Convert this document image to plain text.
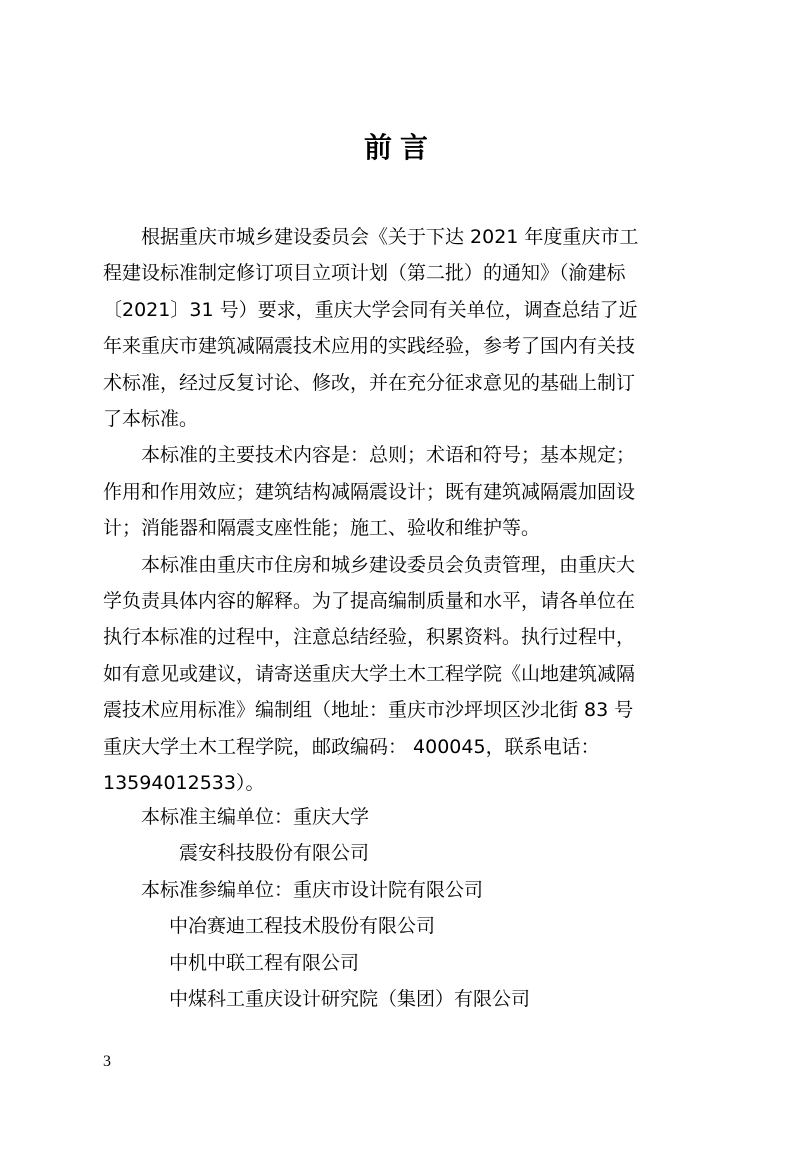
前言
根据重庆市城乡建设委员会《关于下达 2021 年度重庆市工
程建设标准制定修订项目立项计划（第二批）的通知》（渝建标
〔2021〕31 号）要求，重庆大学会同有关单位，调查总结了近
年来重庆市建筑减隔震技术应用的实践经验，参考了国内有关技
术标准，经过反复讨论、修改，并在充分征求意见的基础上制订
了本标准。
本标准的主要技术内容是：总则；术语和符号；基本规定；
作用和作用效应；建筑结构减隔震设计；既有建筑减隔震加固设
计；消能器和隔震支座性能；施工、验收和维护等。
本标准由重庆市住房和城乡建设委员会负责管理，由重庆大
学负责具体内容的解释。为了提高编制质量和水平，请各单位在
执行本标准的过程中，注意总结经验，积累资料。执行过程中，
如有意见或建议，请寄送重庆大学土木工程学院《山地建筑减隔
震技术应用标准》编制组（地址：重庆市沙坪坝区沙北街 83 号
重庆大学土木工程学院，邮政编码： 400045，联系电话：
13594012533）。
本标准主编单位：重庆大学
震安科技股份有限公司
本标准参编单位：重庆市设计院有限公司
中冶赛迪工程技术股份有限公司
中机中联工程有限公司
中煤科工重庆设计研究院（集团）有限公司
3
